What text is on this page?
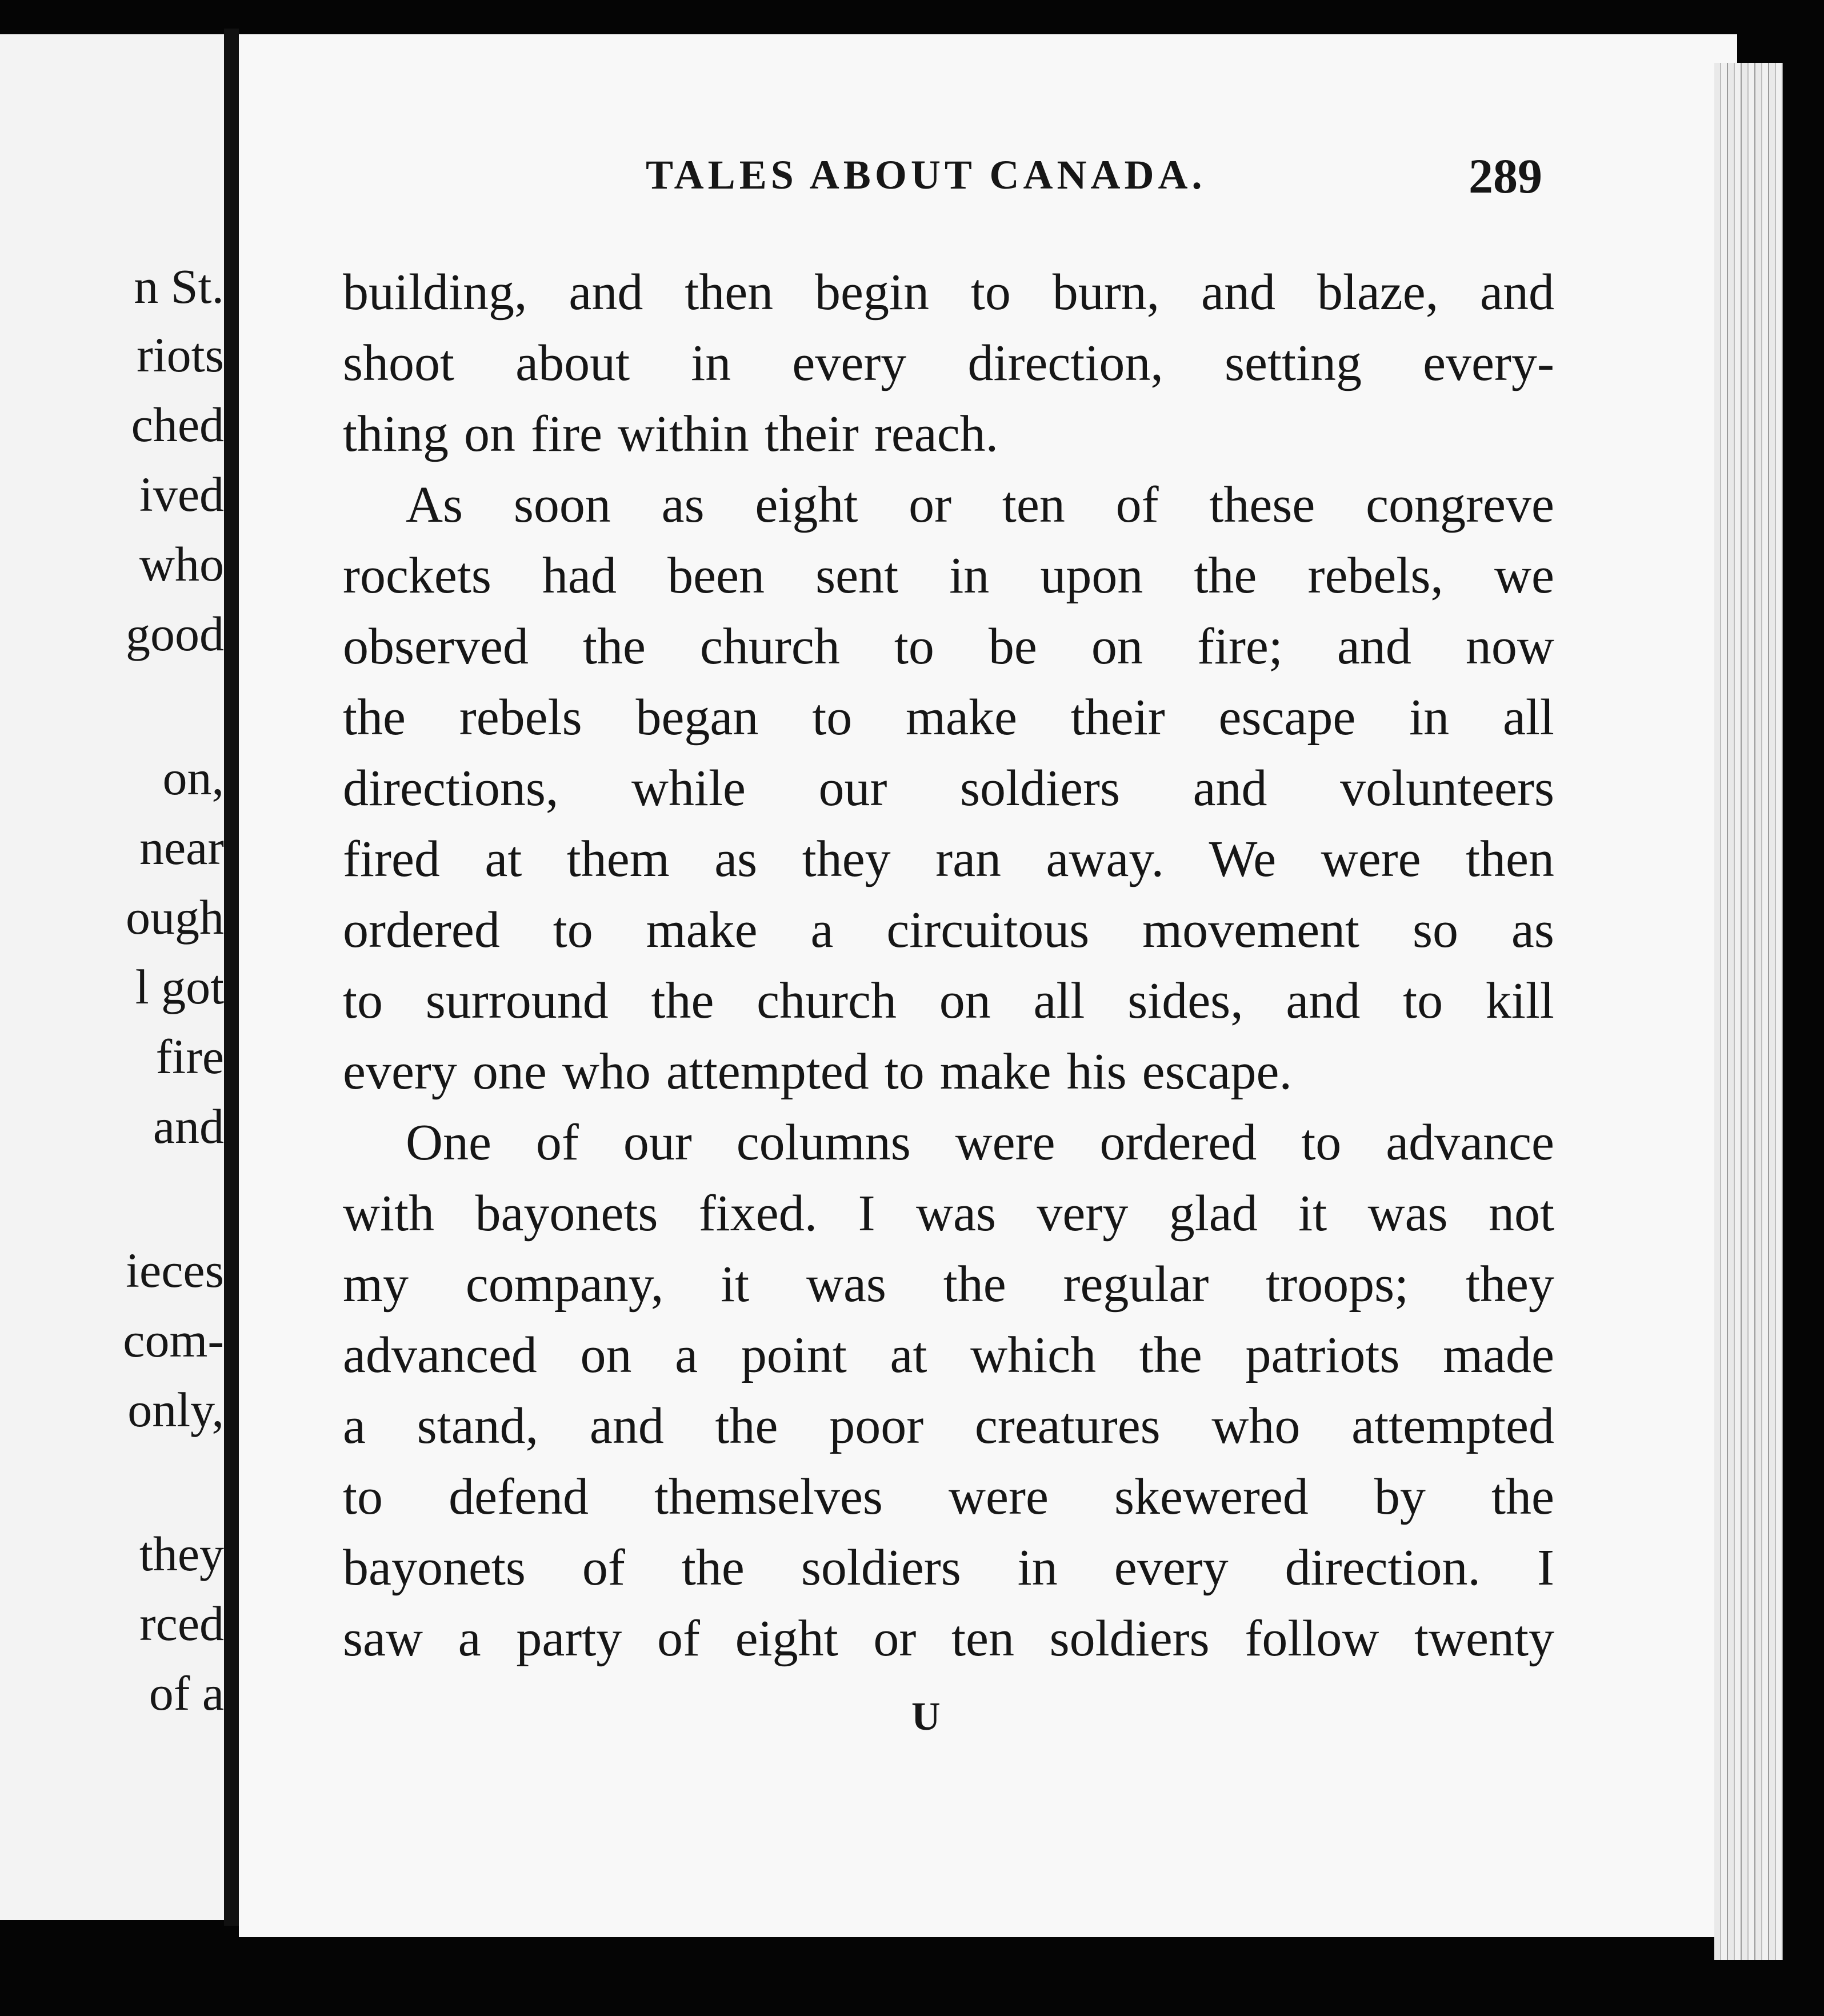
n St.
riots
ched
ived
who
good
on,
near
ough
l got
fire
and
ieces
com-
only,
they
rced
of a
TALES ABOUT CANADA.	289
building, and then begin to burn, and blaze, and
shoot about in every direction, setting every-
thing on fire within their reach.
As soon as eight or ten of these congreve
rockets had been sent in upon the rebels, we
observed the church to be on fire; and now
the rebels began to make their escape in all
directions, while our soldiers and volunteers
fired at them as they ran away. We were then
ordered to make a circuitous movement so as
to surround the church on all sides, and to kill
every one who attempted to make his escape.
One of our columns were ordered to advance
with bayonets fixed. I was very glad it was not
my company, it was the regular troops; they
advanced on a point at which the patriots made
a stand, and the poor creatures who attempted
to defend themselves were skewered by the
bayonets of the soldiers in every direction. I
saw a party of eight or ten soldiers follow twenty
U
